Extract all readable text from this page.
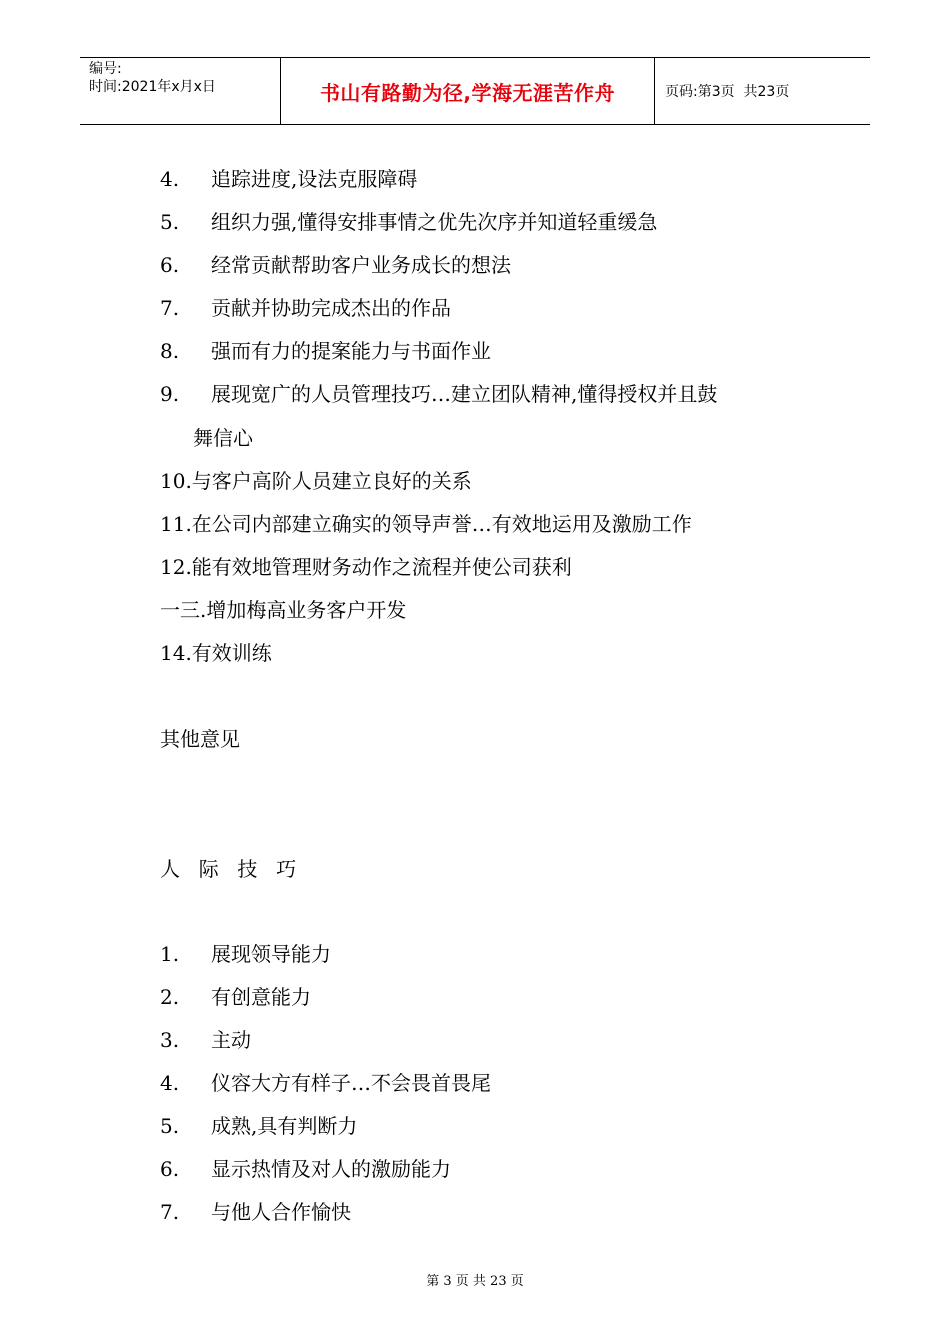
编号:
时间:2021年x月x日	书山有路勤为径,学海无涯苦作舟	页码:第3页  共23页
4. 追踪进度,设法克服障碍
5. 组织力强,懂得安排事情之优先次序并知道轻重缓急
6. 经常贡献帮助客户业务成长的想法
7. 贡献并协助完成杰出的作品
8. 强而有力的提案能力与书面作业
9. 展现宽广的人员管理技巧…建立团队精神,懂得授权并且鼓
舞信心
10.与客户高阶人员建立良好的关系
11.在公司内部建立确实的领导声誉…有效地运用及激励工作
12.能有效地管理财务动作之流程并使公司获利
一三.增加梅高业务客户开发
14.有效训练
其他意见
人  际  技  巧
1. 展现领导能力
2. 有创意能力
3. 主动
4. 仪容大方有样子…不会畏首畏尾
5. 成熟,具有判断力
6. 显示热情及对人的激励能力
7. 与他人合作愉快
第 3 页 共 23 页
